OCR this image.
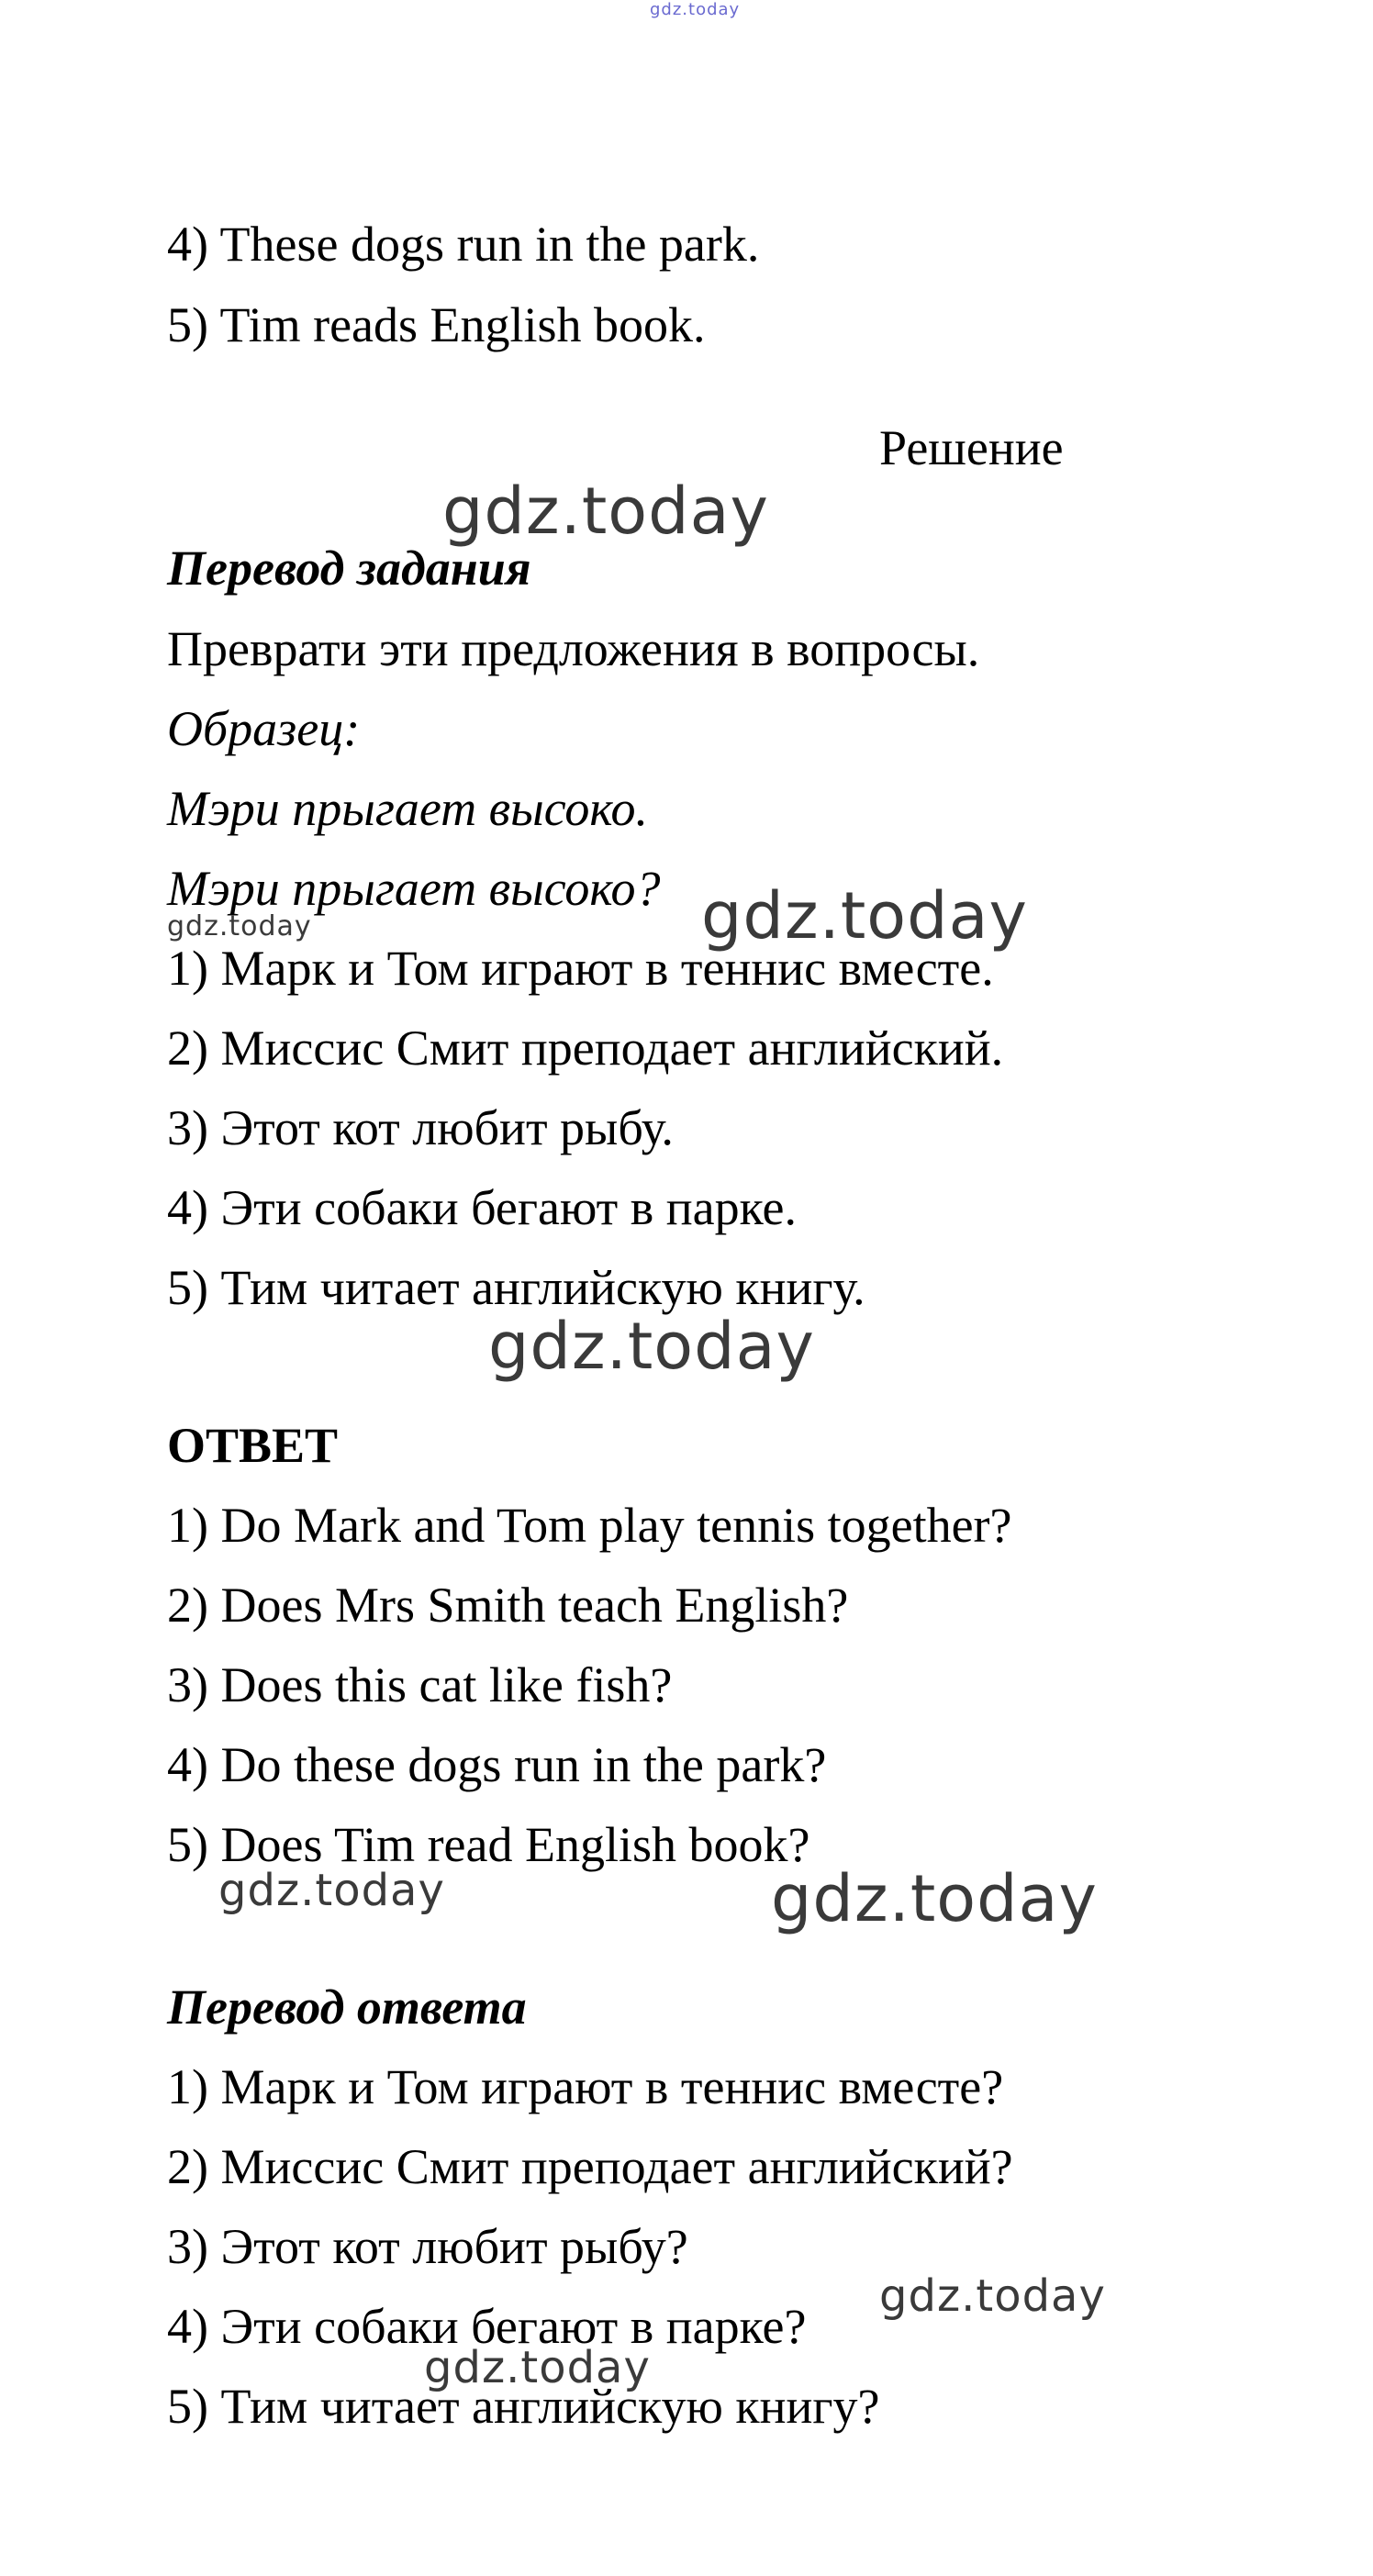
gdz.today
4) These dogs run in the park.
5) Tim reads English book.
Решение
gdz.today
Перевод задания
Преврати эти предложения в вопросы.
Образец:
Мэри прыгает высоко.
Мэри прыгает высоко?
gdz.today	gdz.today
1) Марк и Том играют в теннис вместе.
2) Миссис Смит преподает английский.
3) Этот кот любит рыбу.
4) Эти собаки бегают в парке.
5) Тим читает английскую книгу.
gdz.today
ОТВЕТ
1) Do Mark and Tom play tennis together?
2) Does Mrs Smith teach English?
3) Does this cat like fish?
4) Do these dogs run in the park?
5) Does Tim read English book?
gdz.today	gdz.today
Перевод ответа
1) Марк и Том играют в теннис вместе?
2) Миссис Смит преподает английский?
3) Этот кот любит рыбу?
gdz.today
4) Эти собаки бегают в парке?
gdz.today
5) Тим читает английскую книгу?
